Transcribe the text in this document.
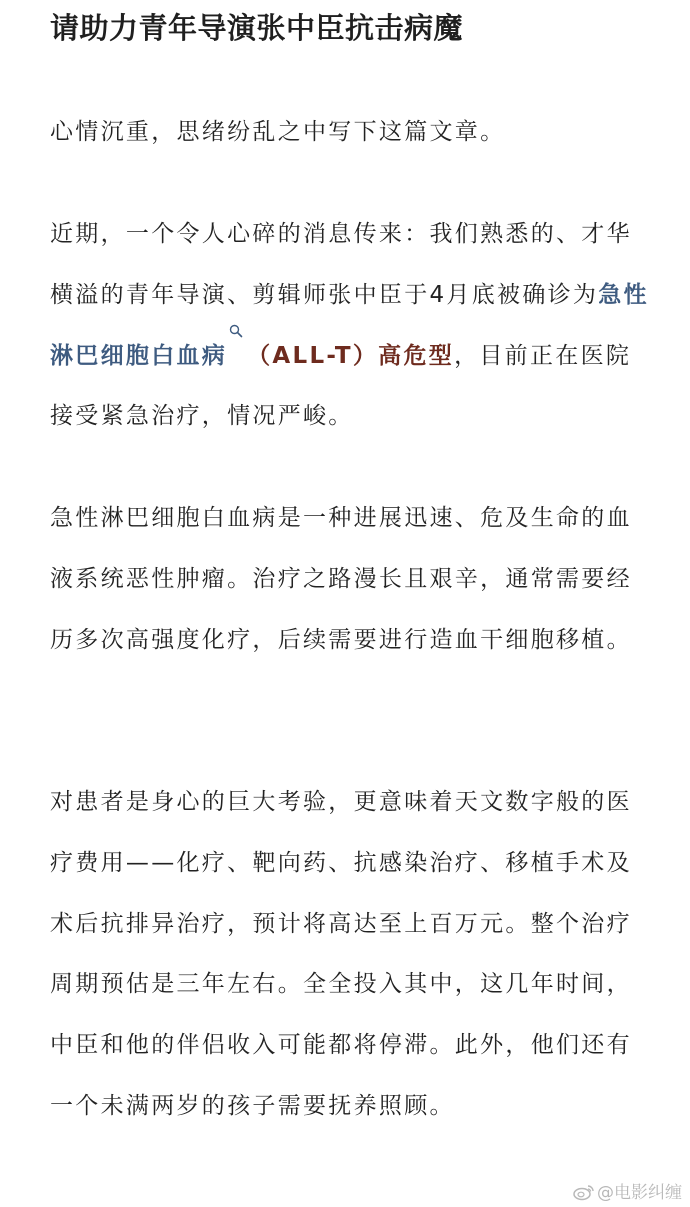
请助力青年导演张中臣抗击病魔

心情沉重，思绪纷乱之中写下这篇文章。

近期，一个令人心碎的消息传来：我们熟悉的、才华横溢的青年导演、剪辑师张中臣于4月底被确诊为急性淋巴细胞白血病 （ALL-T）高危型，目前正在医院接受紧急治疗，情况严峻。

急性淋巴细胞白血病是一种进展迅速、危及生命的血液系统恶性肿瘤。治疗之路漫长且艰辛，通常需要经历多次高强度化疗，后续需要进行造血干细胞移植。

对患者是身心的巨大考验，更意味着天文数字般的医疗费用——化疗、靶向药、抗感染治疗、移植手术及术后抗排异治疗，预计将高达至上百万元。整个治疗周期预估是三年左右。全全投入其中，这几年时间，中臣和他的伴侣收入可能都将停滞。此外，他们还有一个未满两岁的孩子需要抚养照顾。

@电影纠缠
